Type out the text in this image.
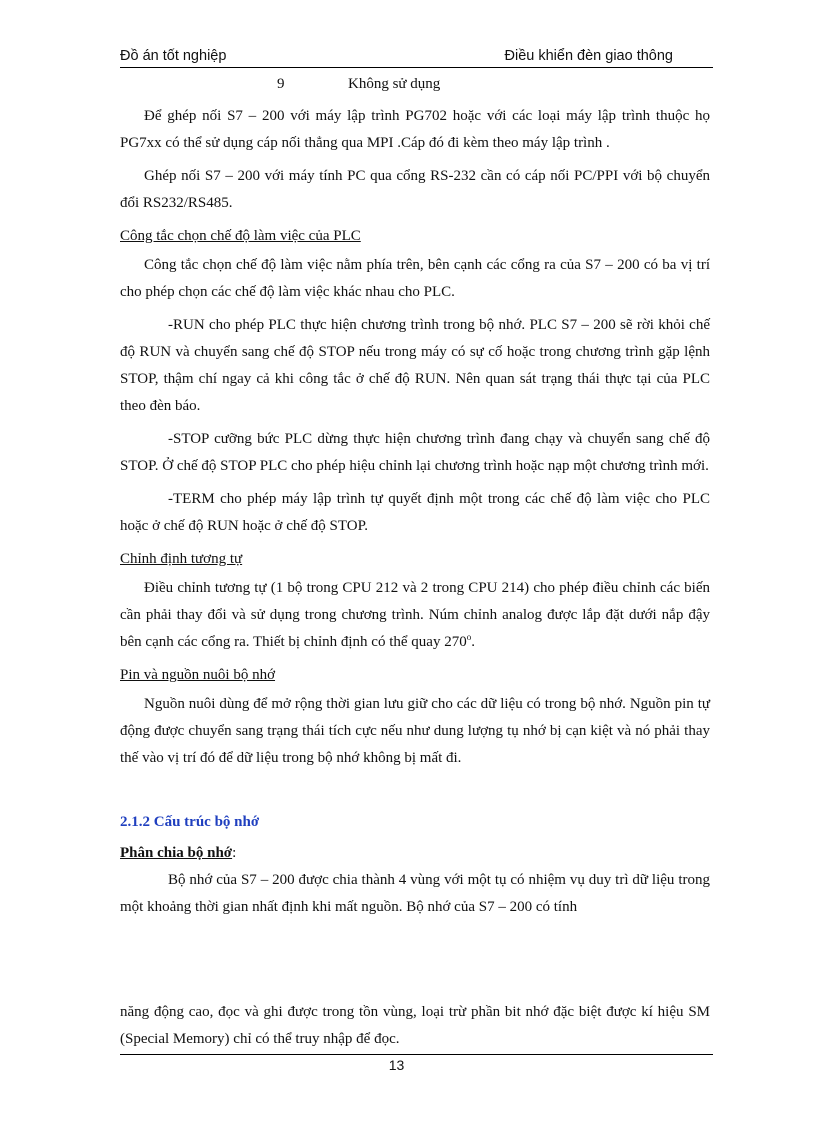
Đồ án tốt nghiệp	Điều khiển đèn giao thông
9	Không sử dụng

Để ghép nối S7 – 200 với máy lập trình PG702 hoặc với các loại máy lập trình thuộc họ PG7xx có thể sử dụng cáp nối thẳng qua MPI .Cáp đó đi kèm theo máy lập trình .

Ghép nối S7 – 200 với máy tính PC qua cổng RS-232 cần có cáp nối PC/PPI với bộ chuyển đổi RS232/RS485.

Công tắc chọn chế độ làm việc của PLC

Công tắc chọn chế độ làm việc nằm phía trên, bên cạnh các cổng ra của S7 – 200 có ba vị trí cho phép chọn các chế độ làm việc khác nhau cho PLC.

-RUN cho phép PLC thực hiện chương trình trong bộ nhớ. PLC S7 – 200 sẽ rời khỏi chế độ RUN và chuyển sang chế độ STOP nếu trong máy có sự cố hoặc trong chương trình gặp lệnh STOP, thậm chí ngay cả khi công tắc ở chế độ RUN. Nên quan sát trạng thái thực tại của PLC theo đèn báo.

-STOP cưỡng bức PLC dừng thực hiện chương trình đang chạy và chuyển sang chế độ STOP. Ở chế độ STOP PLC cho phép hiệu chỉnh lại chương trình hoặc nạp một chương trình mới.

-TERM cho phép máy lập trình tự quyết định một trong các chế độ làm việc cho PLC hoặc ở chế độ RUN hoặc ở chế độ STOP.

Chỉnh định tương tự

Điều chỉnh tương tự (1 bộ trong CPU 212 và 2 trong CPU 214) cho phép điều chỉnh các biến cần phải thay đổi và sử dụng trong chương trình. Núm chỉnh analog được lắp đặt dưới nắp đậy bên cạnh các cổng ra. Thiết bị chỉnh định có thể quay 270$^o$.

Pin và nguồn nuôi bộ nhớ

Nguồn nuôi dùng để mở rộng thời gian lưu giữ cho các dữ liệu có trong bộ nhớ. Nguồn pin tự động được chuyển sang trạng thái tích cực nếu như dung lượng tụ nhớ bị cạn kiệt và nó phải thay thế vào vị trí đó để dữ liệu trong bộ nhớ không bị mất đi.

2.1.2 Cấu trúc bộ nhớ

Phân chia bộ nhớ:

Bộ nhớ của S7 – 200 được chia thành 4 vùng với một tụ có nhiệm vụ duy trì dữ liệu trong một khoảng thời gian nhất định khi mất nguồn. Bộ nhớ của S7 – 200 có tính

năng động cao, đọc và ghi được trong tồn vùng, loại trừ phần bit nhớ đặc biệt được kí hiệu SM (Special Memory) chỉ có thể truy nhập để đọc.

13
